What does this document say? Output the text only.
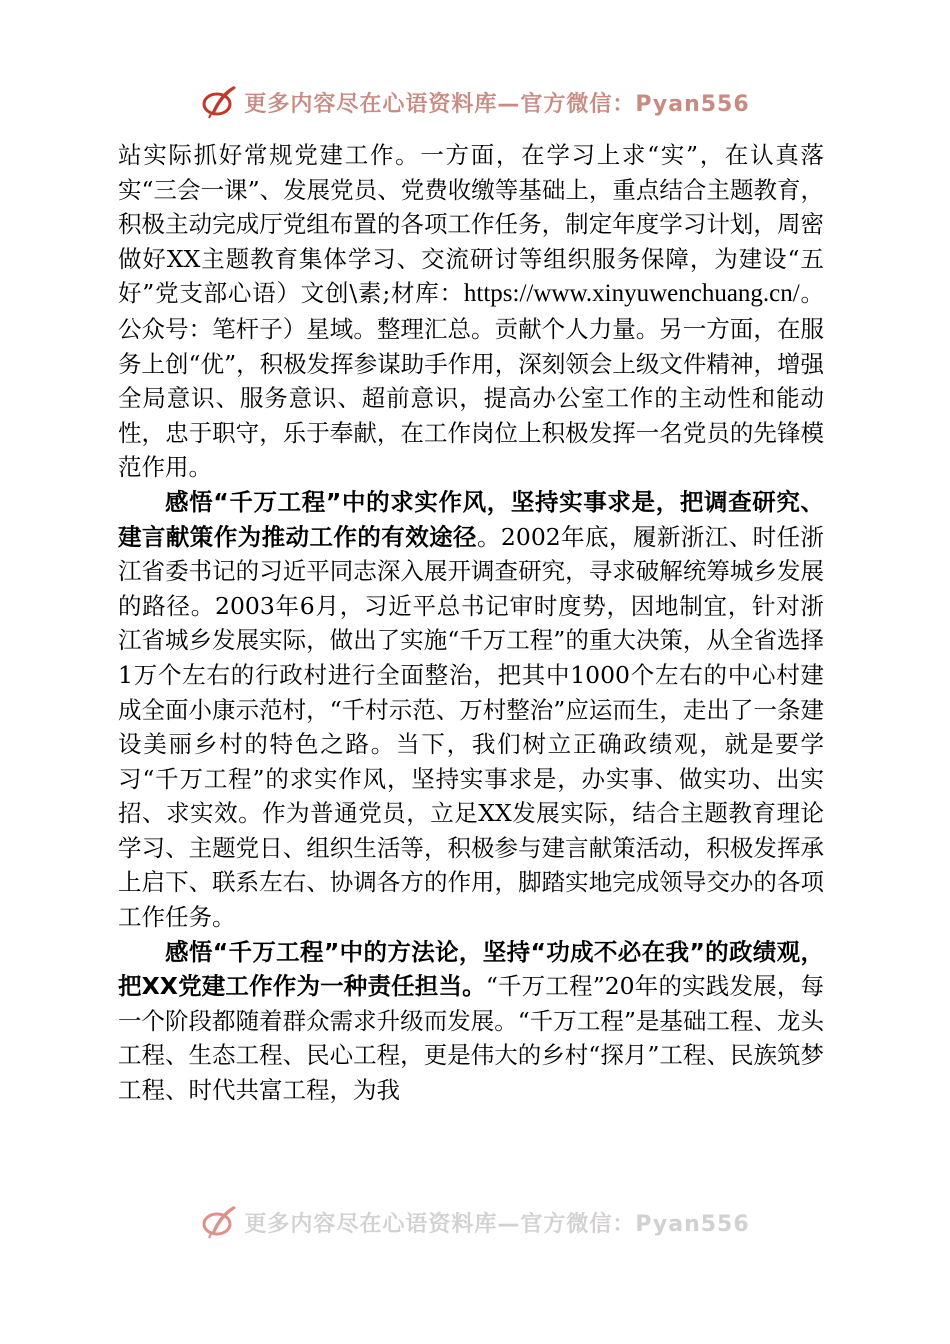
更多内容尽在心语资料库—官方微信：Pyan556

站实际抓好常规党建工作。一方面，在学习上求“实”，在认真落实“三会一课”、发展党员、党费收缴等基础上，重点结合主题教育，积极主动完成厅党组布置的各项工作任务，制定年度学习计划，周密做好XX主题教育集体学习、交流研讨等组织服务保障，为建设“五好”党支部心语）文创\素;材库：https://www.xinyuwenchuang.cn/。公众号：笔杆子）星域。整理汇总。贡献个人力量。另一方面，在服务上创“优”，积极发挥参谋助手作用，深刻领会上级文件精神，增强全局意识、服务意识、超前意识，提高办公室工作的主动性和能动性，忠于职守，乐于奉献，在工作岗位上积极发挥一名党员的先锋模范作用。

感悟“千万工程”中的求实作风，坚持实事求是，把调查研究、建言献策作为推动工作的有效途径。2002年底，履新浙江、时任浙江省委书记的习近平同志深入展开调查研究，寻求破解统筹城乡发展的路径。2003年6月，习近平总书记审时度势，因地制宜，针对浙江省城乡发展实际，做出了实施“千万工程”的重大决策，从全省选择1万个左右的行政村进行全面整治，把其中1000个左右的中心村建成全面小康示范村，“千村示范、万村整治”应运而生，走出了一条建设美丽乡村的特色之路。当下，我们树立正确政绩观，就是要学习“千万工程”的求实作风，坚持实事求是，办实事、做实功、出实招、求实效。作为普通党员，立足XX发展实际，结合主题教育理论学习、主题党日、组织生活等，积极参与建言献策活动，积极发挥承上启下、联系左右、协调各方的作用，脚踏实地完成领导交办的各项工作任务。

感悟“千万工程”中的方法论，坚持“功成不必在我”的政绩观，把XX党建工作作为一种责任担当。“千万工程”20年的实践发展，每一个阶段都随着群众需求升级而发展。“千万工程”是基础工程、龙头工程、生态工程、民心工程，更是伟大的乡村“探月”工程、民族筑梦工程、时代共富工程，为我

更多内容尽在心语资料库—官方微信：Pyan556
